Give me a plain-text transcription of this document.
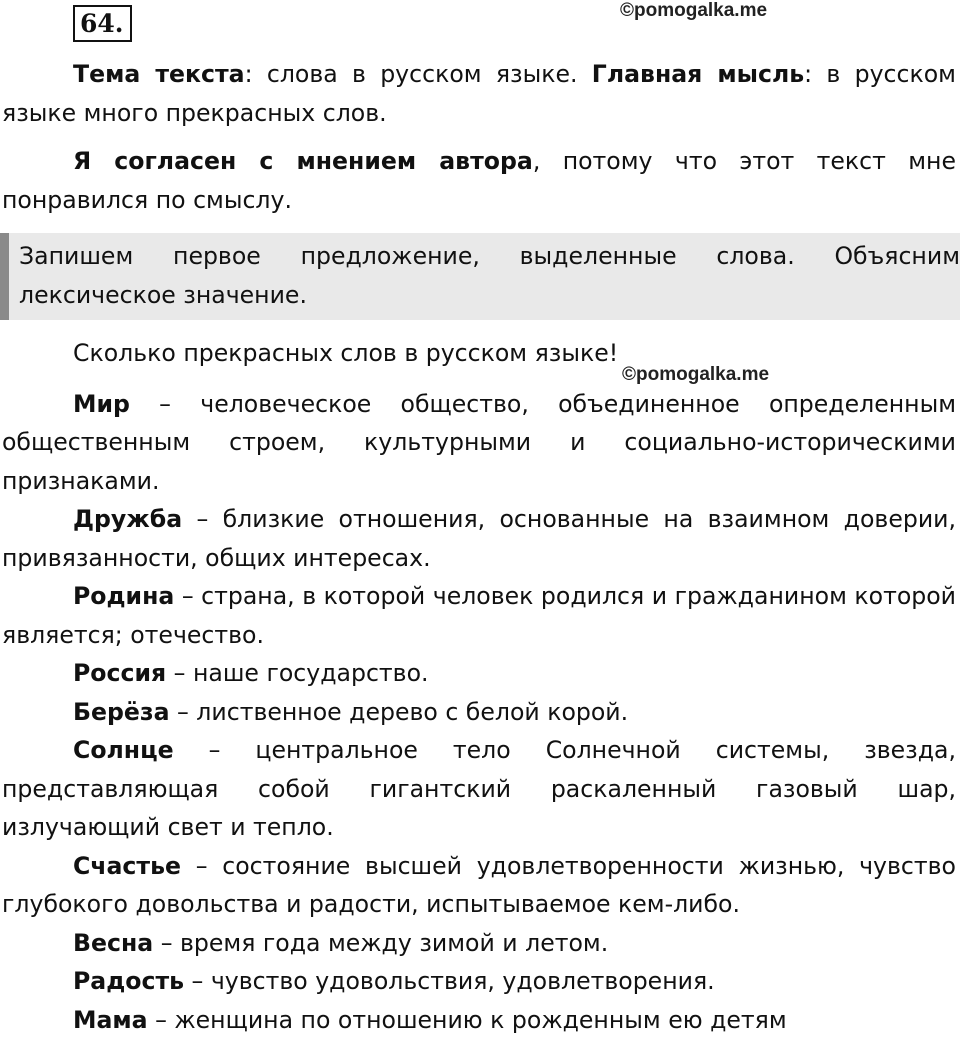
64.	©pomogalka.me

Тема текста: слова в русском языке. Главная мысль: в русском языке много прекрасных слов.

Я согласен с мнением автора, потому что этот текст мне понравился по смыслу.

Запишем первое предложение, выделенные слова. Объясним лексическое значение.

Сколько прекрасных слов в русском языке!

Мир – человеческое общество, объединенное определенным общественным строем, культурными и социально-историческими признаками.

Дружба – близкие отношения, основанные на взаимном доверии, привязанности, общих интересах.

Родина – страна, в которой человек родился и гражданином которой является; отечество.

Россия – наше государство.

Берёза – лиственное дерево с белой корой.

Солнце – центральное тело Солнечной системы, звезда, представляющая собой гигантский раскаленный газовый шар, излучающий свет и тепло.

Счастье – состояние высшей удовлетворенности жизнью, чувство глубокого довольства и радости, испытываемое кем-либо.

Весна – время года между зимой и летом.

Радость – чувство удовольствия, удовлетворения.

Мама – женщина по отношению к рожденным ею детям

©pomogalka.me
